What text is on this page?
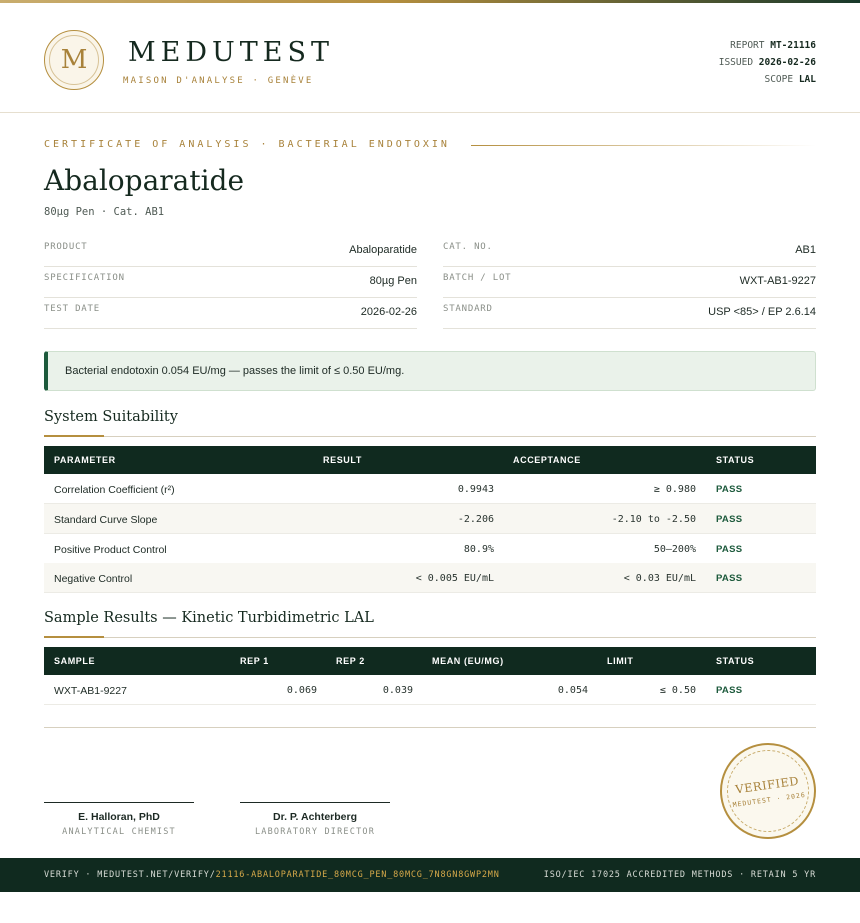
M	MEDUTEST
MAISON D'ANALYSE · GENÈVE
REPORT MT-21116
ISSUED 2026-02-26
SCOPE LAL
CERTIFICATE OF ANALYSIS · BACTERIAL ENDOTOXIN
Abaloparatide
80µg Pen · Cat. AB1
PRODUCT	Abaloparatide
SPECIFICATION	80µg Pen
TEST DATE	2026-02-26
CAT. NO.	AB1
BATCH / LOT	WXT-AB1-9227
STANDARD	USP <85> / EP 2.6.14
Bacterial endotoxin 0.054 EU/mg — passes the limit of ≤ 0.50 EU/mg.
System Suitability
PARAMETER	RESULT	ACCEPTANCE	STATUS
Correlation Coefficient (r²)	0.9943	≥ 0.980 PASS
Standard Curve Slope	-2.206	-2.10 to -2.50 PASS
Positive Product Control	80.9%	50–200% PASS
Negative Control	< 0.005 EU/mL	< 0.03 EU/mL PASS
Sample Results — Kinetic Turbidimetric LAL
SAMPLE	REP 1	REP 2	MEAN (EU/MG)	LIMIT	STATUS
WXT-AB1-9227	0.069	0.039	0.054	≤ 0.50 PASS
E. Halloran, PhD
ANALYTICAL CHEMIST
Dr. P. Achterberg
LABORATORY DIRECTOR
VERIFIED
MEDUTEST · 2026
VERIFY · MEDUTEST.NET/VERIFY/21116-ABALOPARATIDE_80MCG_PEN_80MCG_7N8GN8GWP2MN	ISO/IEC 17025 ACCREDITED METHODS · RETAIN 5 YR
